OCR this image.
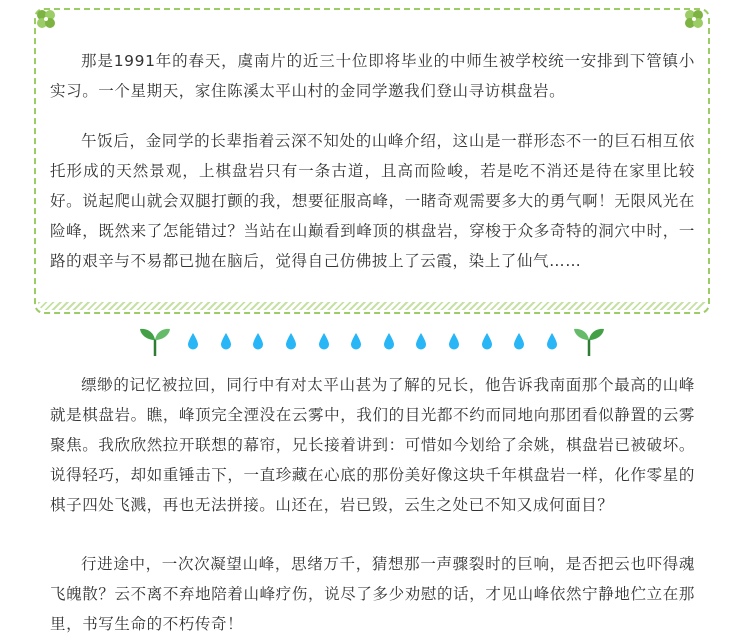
那是1991年的春天，虞南片的近三十位即将毕业的中师生被学校统一安排到下管镇小实习。一个星期天，家住陈溪太平山村的金同学邀我们登山寻访棋盘岩。

午饭后，金同学的长辈指着云深不知处的山峰介绍，这山是一群形态不一的巨石相互依托形成的天然景观，上棋盘岩只有一条古道，且高而险峻，若是吃不消还是待在家里比较好。说起爬山就会双腿打颤的我，想要征服高峰，一睹奇观需要多大的勇气啊！无限风光在险峰，既然来了怎能错过？当站在山巅看到峰顶的棋盘岩，穿梭于众多奇特的洞穴中时，一路的艰辛与不易都已抛在脑后，觉得自己仿佛披上了云霞，染上了仙气……

缥缈的记忆被拉回，同行中有对太平山甚为了解的兄长，他告诉我南面那个最高的山峰就是棋盘岩。瞧，峰顶完全湮没在云雾中，我们的目光都不约而同地向那团看似静置的云雾聚焦。我欣欣然拉开联想的幕帘，兄长接着讲到：可惜如今划给了余姚，棋盘岩已被破坏。说得轻巧，却如重锤击下，一直珍藏在心底的那份美好像这块千年棋盘岩一样，化作零星的棋子四处飞溅，再也无法拼接。山还在，岩已毁，云生之处已不知又成何面目？

行进途中，一次次凝望山峰，思绪万千，猜想那一声骤裂时的巨响，是否把云也吓得魂飞魄散？云不离不弃地陪着山峰疗伤，说尽了多少劝慰的话，才见山峰依然宁静地伫立在那里，书写生命的不朽传奇！
